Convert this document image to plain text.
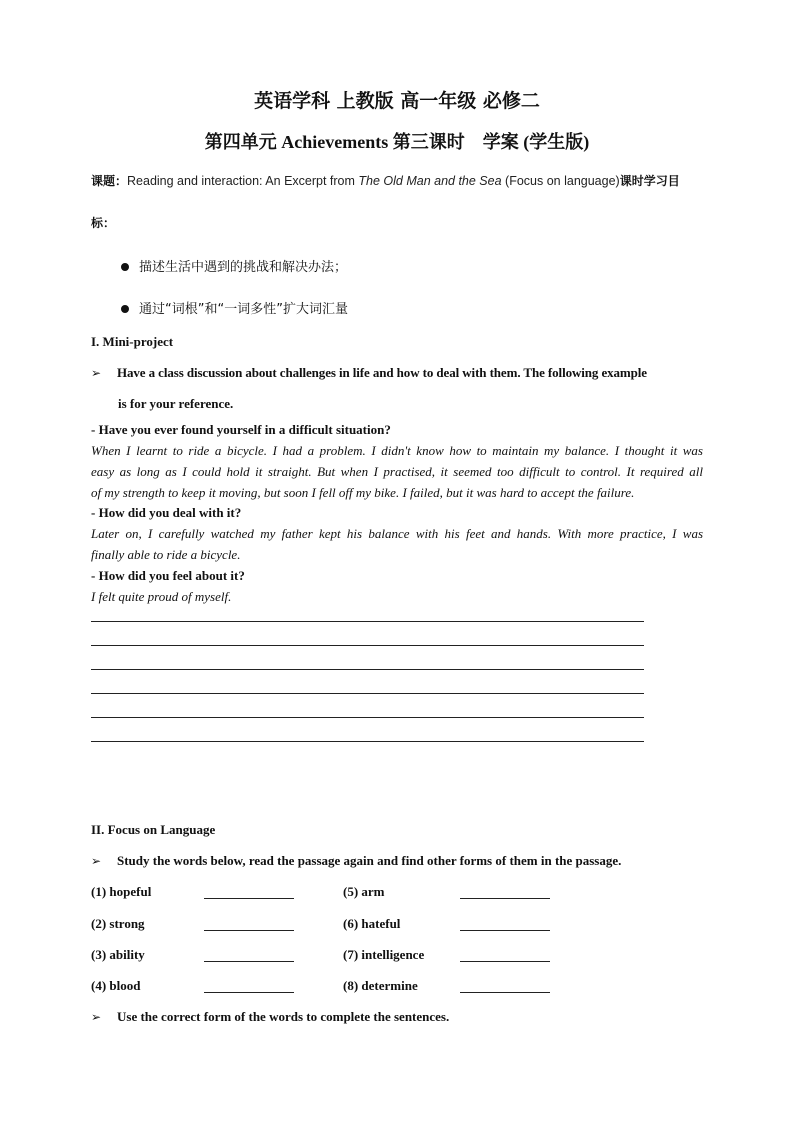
英语学科 上教版 高一年级 必修二
第四单元 Achievements 第三课时　学案 (学生版)
课题：Reading and interaction: An Excerpt from The Old Man and the Sea (Focus on language)课时学习目
标：
描述生活中遇到的挑战和解决办法；
通过“词根”和“一词多性”扩大词汇量
I. Mini-project
➢ Have a class discussion about challenges in life and how to deal with them. The following example
is for your reference.
- Have you ever found yourself in a difficult situation?
When I learnt to ride a bicycle. I had a problem. I didn't know how to maintain my balance. I thought it was
easy as long as I could hold it straight. But when I practised, it seemed too difficult to control. It required all
of my strength to keep it moving, but soon I fell off my bike. I failed, but it was hard to accept the failure.
- How did you deal with it?
Later on, I carefully watched my father kept his balance with his feet and hands. With more practice, I was
finally able to ride a bicycle.
- How did you feel about it?
I felt quite proud of myself.
II. Focus on Language
➢ Study the words below, read the passage again and find other forms of them in the passage.
(1) hopeful	(5) arm
(2) strong	(6) hateful
(3) ability	(7) intelligence
(4) blood	(8) determine
➢ Use the correct form of the words to complete the sentences.
